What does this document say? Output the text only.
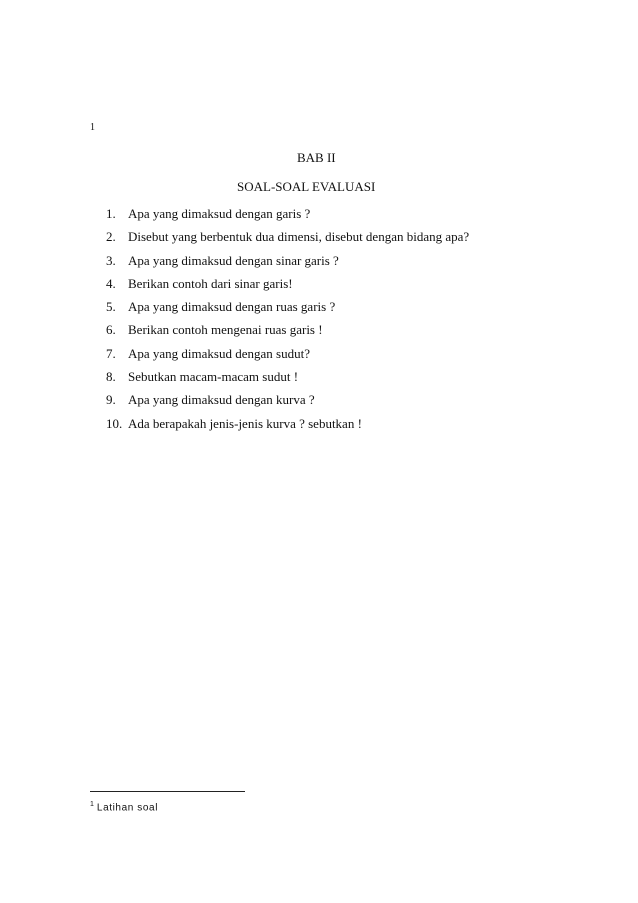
1
BAB II
SOAL-SOAL EVALUASI
1. Apa yang dimaksud dengan garis ?
2. Disebut yang berbentuk dua dimensi, disebut dengan bidang apa?
3. Apa yang dimaksud dengan sinar garis ?
4. Berikan contoh dari sinar garis!
5. Apa yang dimaksud dengan ruas garis ?
6. Berikan contoh mengenai ruas garis !
7. Apa yang dimaksud dengan sudut?
8. Sebutkan macam-macam sudut !
9. Apa yang dimaksud dengan kurva ?
10. Ada berapakah jenis-jenis kurva ? sebutkan !
$^1$ Latihan soal
